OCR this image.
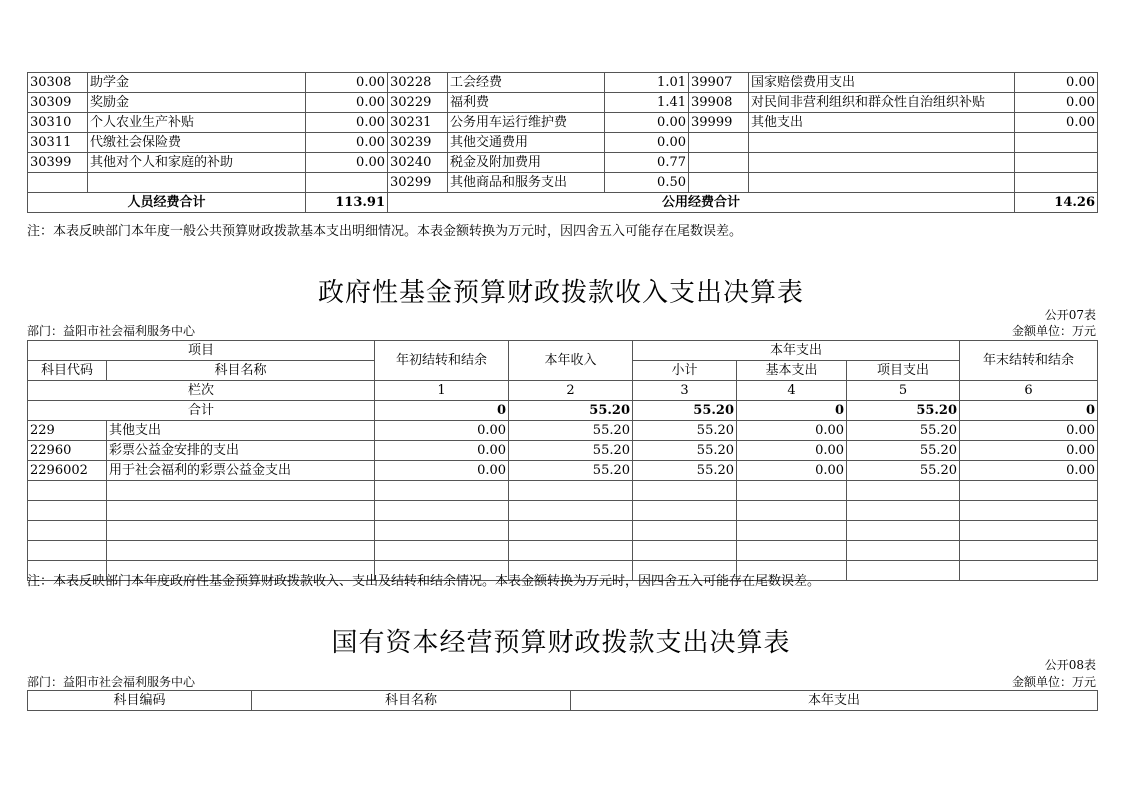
30308	助学金	0.00	30228	工会经费	1.01	39907	国家赔偿费用支出	0.00
30309	奖励金	0.00	30229	福利费	1.41	39908	对民间非营利组织和群众性自治组织补贴	0.00
30310	个人农业生产补贴	0.00	30231	公务用车运行维护费	0.00	39999	其他支出	0.00
30311	代缴社会保险费	0.00	30239	其他交通费用	0.00			
30399	其他对个人和家庭的补助	0.00	30240	税金及附加费用	0.77			
			30299	其他商品和服务支出	0.50			
人员经费合计		113.91	公用经费合计					14.26
注：本表反映部门本年度一般公共预算财政拨款基本支出明细情况。本表金额转换为万元时，因四舍五入可能存在尾数误差。
政府性基金预算财政拨款收入支出决算表
公开07表
部门：益阳市社会福利服务中心	金额单位：万元
项目		年初结转和结余	本年收入	本年支出			年末结转和结余
科目代码	科目名称			小计	基本支出	项目支出	
栏次		1	2	3	4	5	6
合计		0	55.20	55.20	0	55.20	0
229	其他支出	0.00	55.20	55.20	0.00	55.20	0.00
22960	彩票公益金安排的支出	0.00	55.20	55.20	0.00	55.20	0.00
2296002	用于社会福利的彩票公益金支出	0.00	55.20	55.20	0.00	55.20	0.00

注：本表反映部门本年度政府性基金预算财政拨款收入、支出及结转和结余情况。本表金额转换为万元时，因四舍五入可能存在尾数误差。
国有资本经营预算财政拨款支出决算表
公开08表
部门：益阳市社会福利服务中心	金额单位：万元
科目编码	科目名称	本年支出
